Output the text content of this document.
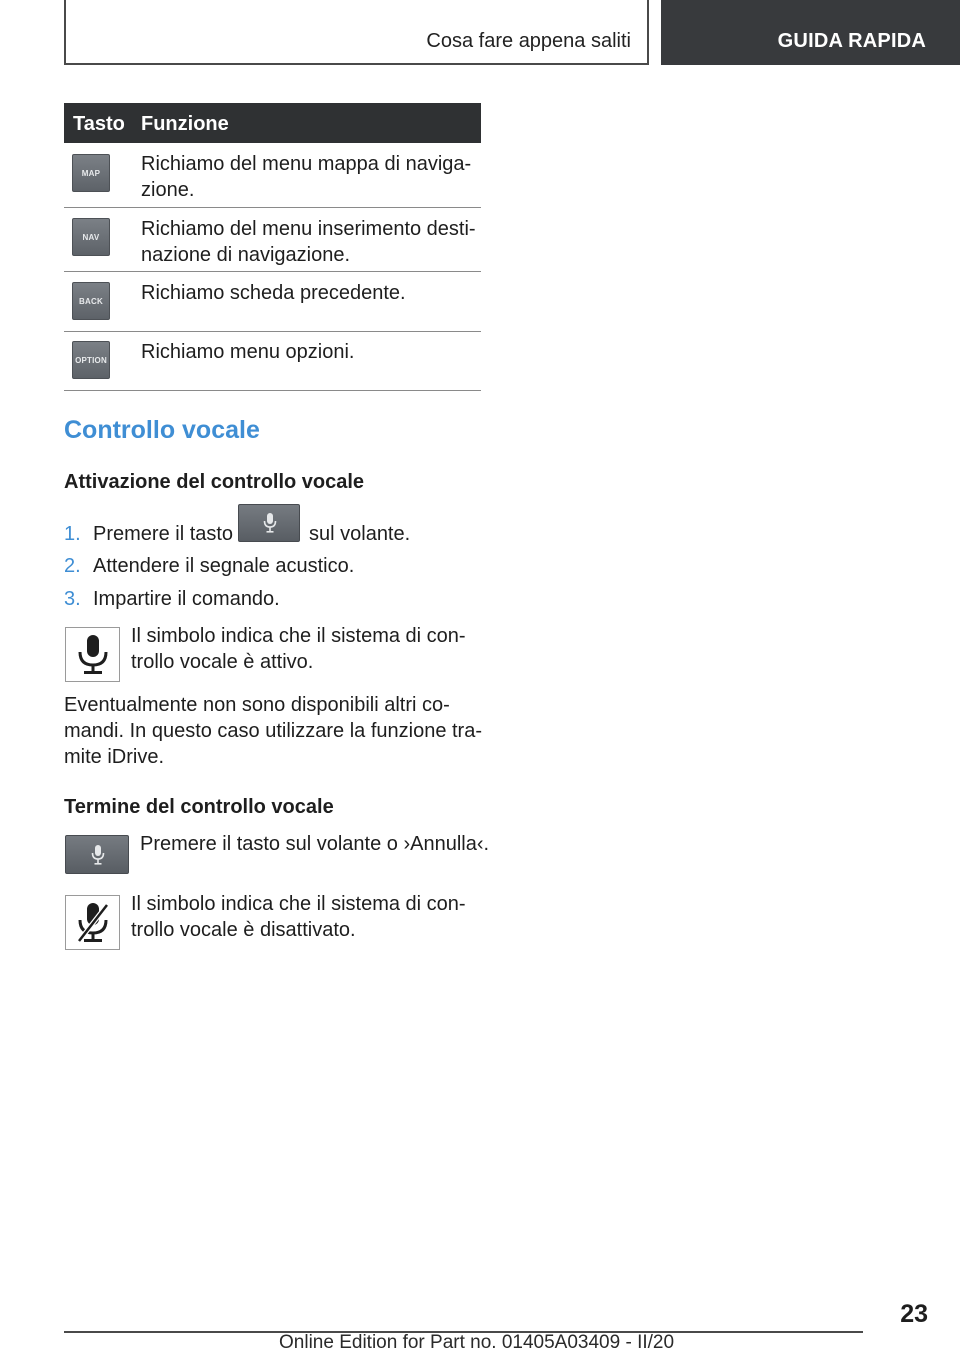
Cosa fare appena saliti	GUIDA RAPIDA
Tasto Funzione
MAP	Richiamo del menu mappa di naviga-
zione.
NAV	Richiamo del menu inserimento desti-
nazione di navigazione.
BACK	Richiamo scheda precedente.
OPTION Richiamo menu opzioni.
Controllo vocale
Attivazione del controllo vocale
1. Premere il tasto	sul volante.
2. Attendere il segnale acustico.
3. Impartire il comando.
Il simbolo indica che il sistema di con-
trollo vocale è attivo.
Eventualmente non sono disponibili altri co-
mandi. In questo caso utilizzare la funzione tra-
mite iDrive.
Termine del controllo vocale
Premere il tasto sul volante o ›Annulla‹.
Il simbolo indica che il sistema di con-
trollo vocale è disattivato.
23
Online Edition for Part no. 01405A03409 - II/20
